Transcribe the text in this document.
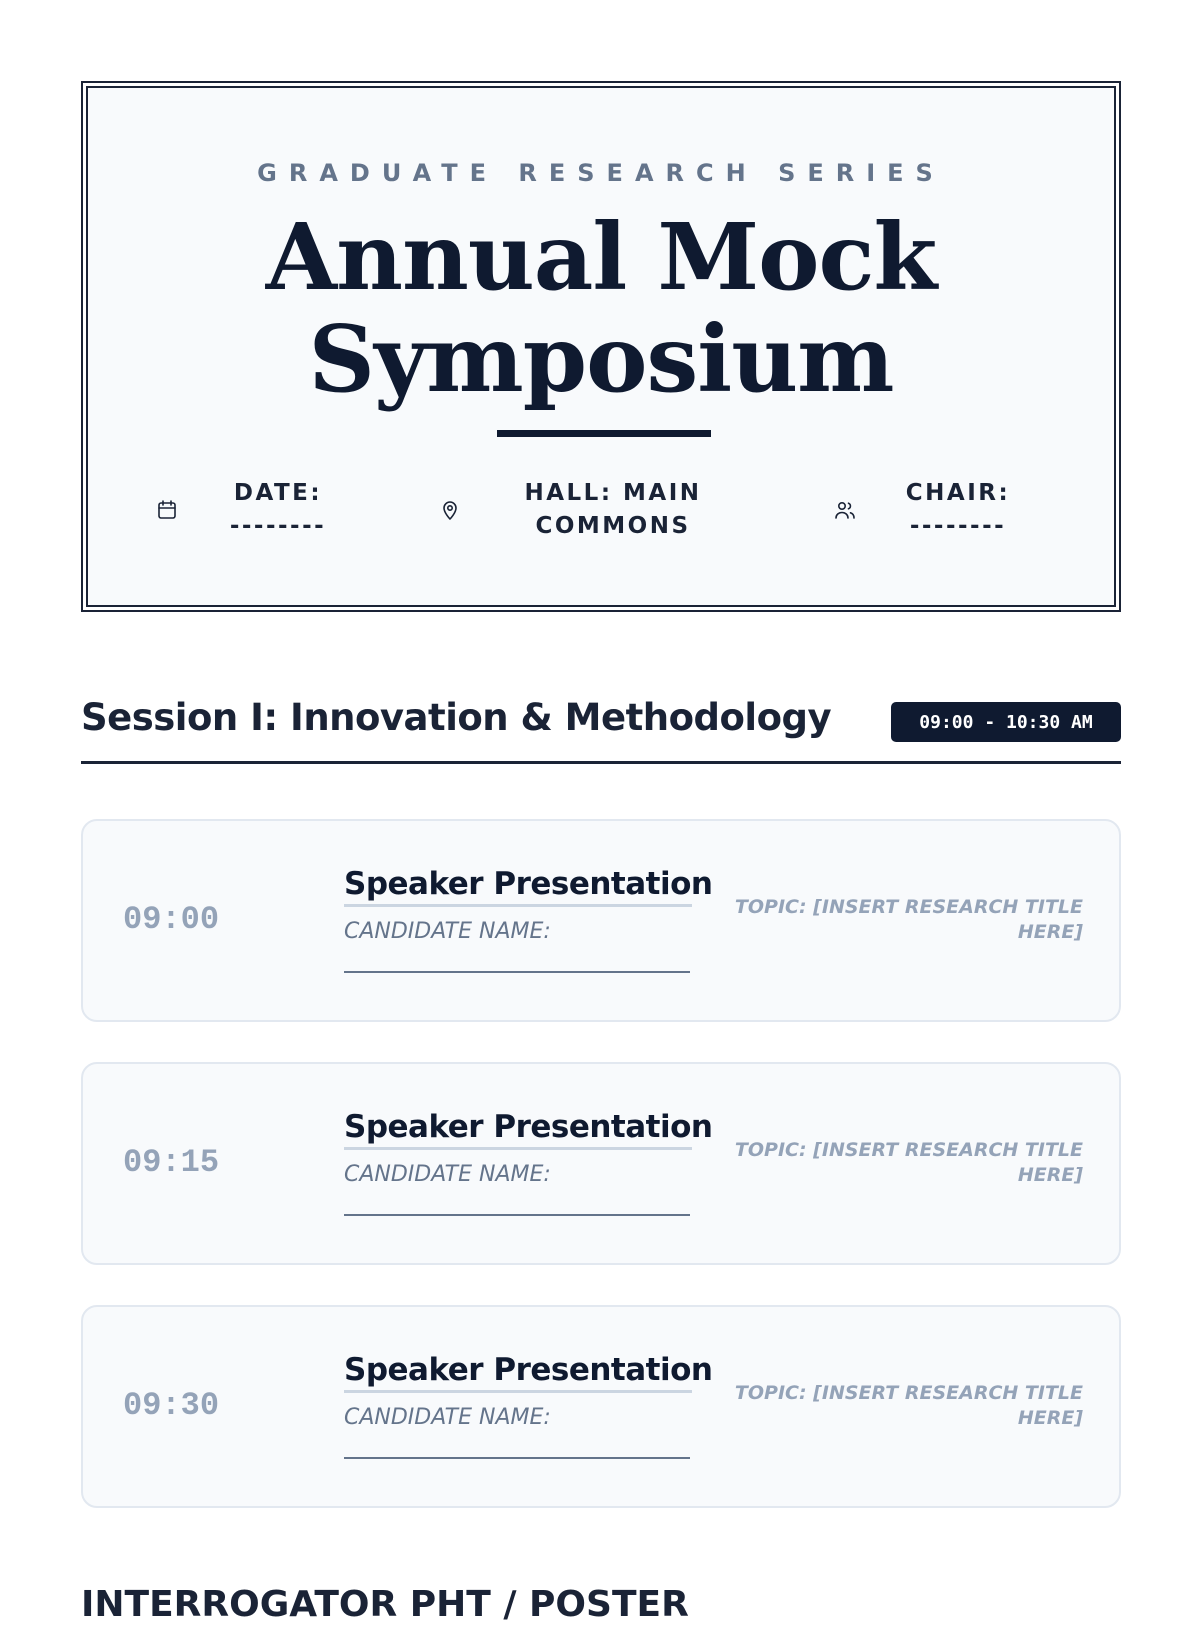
GRADUATE RESEARCH SERIES
Annual Mock
Symposium
DATE:
--------
HALL: MAIN
COMMONS
CHAIR:
--------
Session I: Innovation & Methodology	09:00 - 10:30 AM
09:00
Speaker Presentation
CANDIDATE NAME:
TOPIC: [INSERT RESEARCH TITLE
HERE]
09:15
Speaker Presentation
CANDIDATE NAME:
TOPIC: [INSERT RESEARCH TITLE
HERE]
09:30
Speaker Presentation
CANDIDATE NAME:
TOPIC: [INSERT RESEARCH TITLE
HERE]
INTERROGATOR PHT / POSTER
